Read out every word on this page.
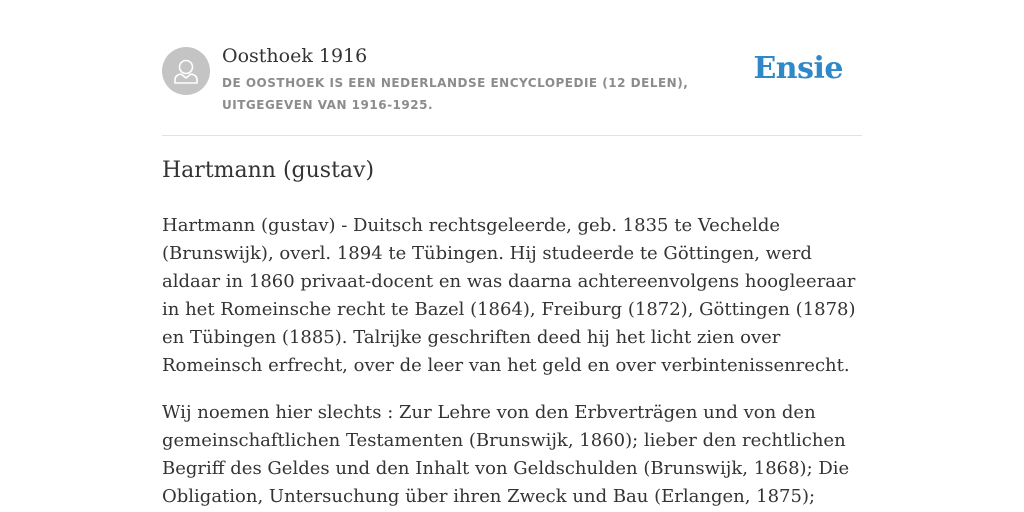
Oosthoek 1916
DE OOSTHOEK IS EEN NEDERLANDSE ENCYCLOPEDIE (12 DELEN), UITGEGEVEN VAN 1916-1925.
Ensie
Hartmann (gustav)

Hartmann (gustav) - Duitsch rechtsgeleerde, geb. 1835 te Vechelde (Brunswijk), overl. 1894 te Tübingen. Hij studeerde te Göttingen, werd aldaar in 1860 privaat-docent en was daarna achtereenvolgens hoogleeraar in het Romeinsche recht te Bazel (1864), Freiburg (1872), Göttingen (1878) en Tübingen (1885). Talrijke geschriften deed hij het licht zien over Romeinsch erfrecht, over de leer van het geld en over verbintenissenrecht.

Wij noemen hier slechts : Zur Lehre von den Erbverträgen und von den gemeinschaftlichen Testamenten (Brunswijk, 1860); lieber den rechtlichen Begriff des Geldes und den Inhalt von Geldschulden (Brunswijk, 1868); Die Obligation, Untersuchung über ihren Zweck und Bau (Erlangen, 1875);
